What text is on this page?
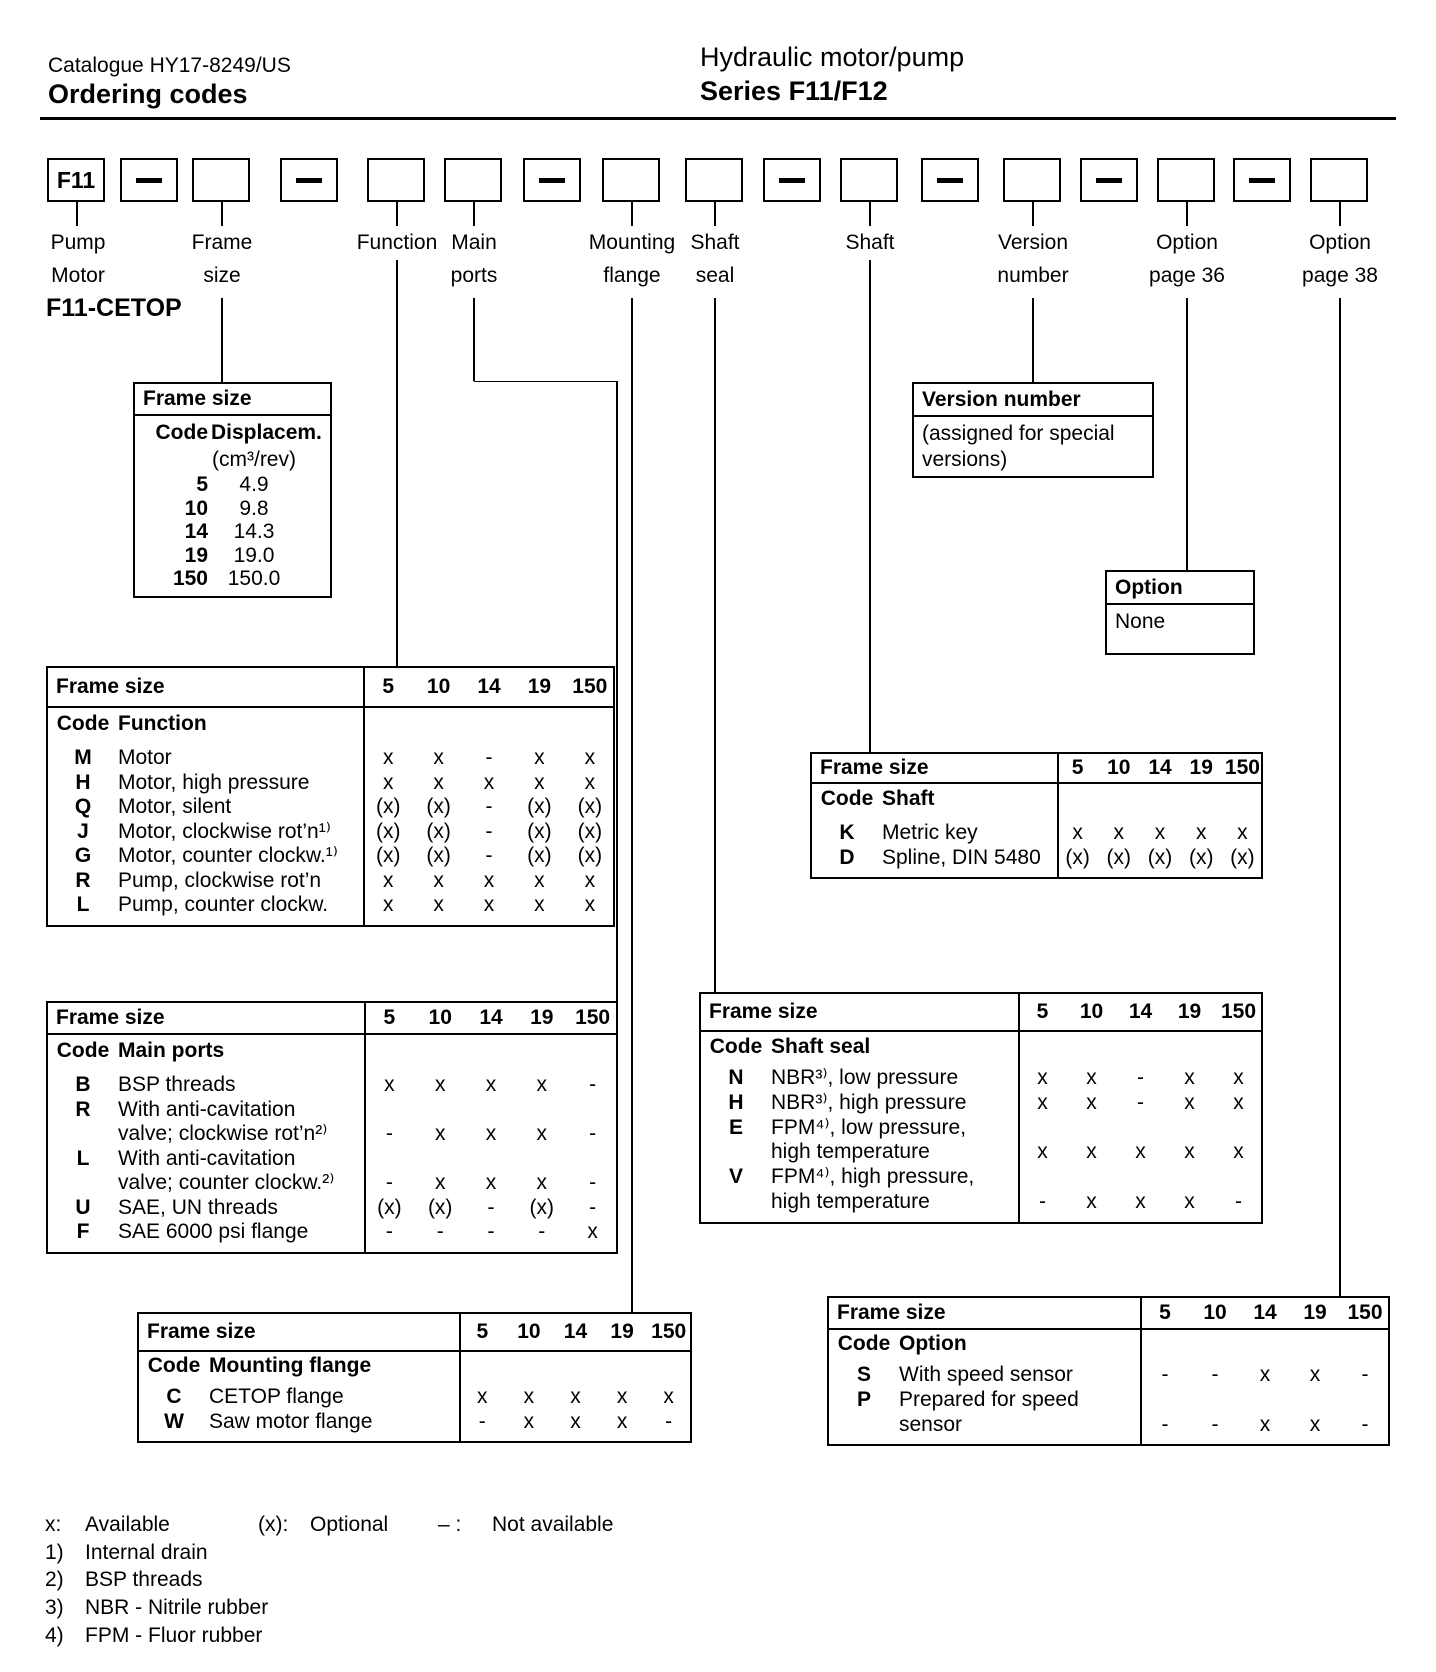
Catalogue HY17-8249/US
Ordering codes
Hydraulic motor/pump
Series F11/F12
F11
Pump
Motor
Frame
size
Function Main
ports
Mounting
flange
Shaft
seal
Shaft	Version
number
Option
page 36
Option
page 38
F11-CETOP
Frame size
Code Displacem.
(cm³/rev)
5	4.9
10	9.8
14	14.3
19	19.0
150 150.0
Version number
(assigned for special
versions)
Option
None
Frame size	5	10	14	19	150
Code Function
M	Motor	x	x	-	x	x
H	Motor, high pressure	x	x	x	x	x
Q	Motor, silent	(x)	(x)	-	(x)	(x)
J	Motor, clockwise rot’n¹⁾	(x)	(x)	-	(x)	(x)
G	Motor, counter clockw.¹⁾	(x)	(x)	-	(x)	(x)
R	Pump, clockwise rot’n	x	x	x	x	x
L	Pump, counter clockw.	x	x	x	x	x
Frame size	5	10 14 19 150
Code Shaft
K	Metric key	x	x	x	x	x
D	Spline, DIN 5480	(x) (x) (x) (x) (x)
Frame size	5	10	14	19	150
Code Main ports
B	BSP threads	x	x	x	x	-
R	With anti-cavitation
valve; clockwise rot’n²⁾	-	x	x	x	-
L	With anti-cavitation
valve; counter clockw.²⁾	-	x	x	x	-
U	SAE, UN threads	(x)	(x)	-	(x)	-
F	SAE 6000 psi flange	-	-	-	-	x
Frame size	5	10	14	19 150
Code Shaft seal
N	NBR³⁾, low pressure	x	x	-	x	x
H	NBR³⁾, high pressure	x	x	-	x	x
E	FPM⁴⁾, low pressure,
high temperature	x	x	x	x	x
V	FPM⁴⁾, high pressure,
high temperature	-	x	x	x	-
Frame size	5	10	14	19 150
Code Mounting flange
C	CETOP flange	x	x	x	x	x
W	Saw motor flange	-	x	x	x	-
Frame size	5	10	14	19 150
Code Option
S	With speed sensor	-	-	x	x	-
P	Prepared for speed
sensor	-	-	x	x	-
x: Available	(x): Optional – : Not available
1) Internal drain
2) BSP threads
3) NBR - Nitrile rubber
4) FPM - Fluor rubber
